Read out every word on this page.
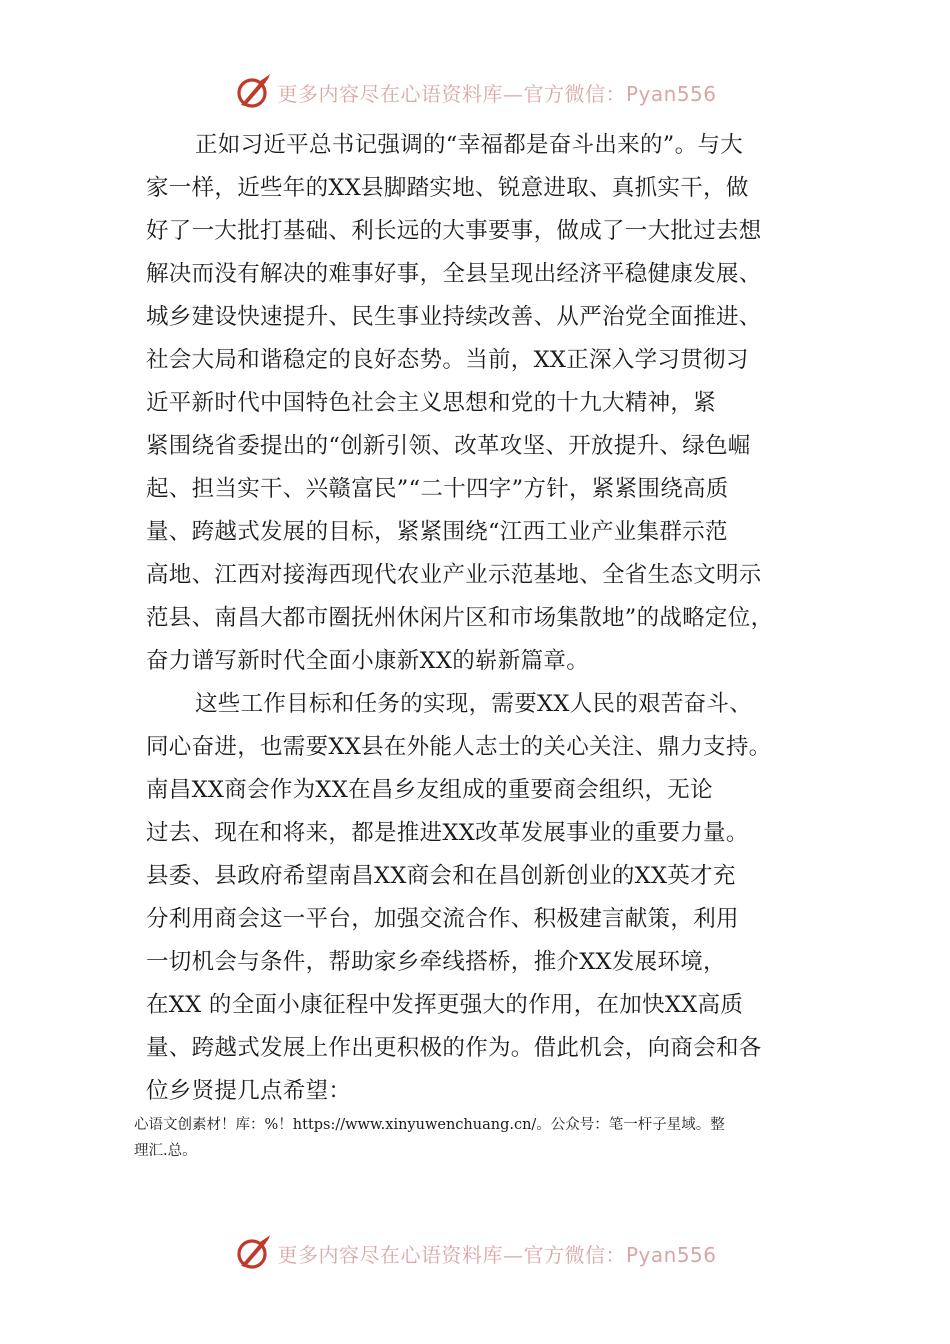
更多内容尽在心语资料库—官方微信：Pyan556
正如习近平总书记强调的“幸福都是奋斗出来的”。与大
家一样，近些年的XX县脚踏实地、锐意进取、真抓实干，做
好了一大批打基础、利长远的大事要事，做成了一大批过去想
解决而没有解决的难事好事，全县呈现出经济平稳健康发展、
城乡建设快速提升、民生事业持续改善、从严治党全面推进、
社会大局和谐稳定的良好态势。当前，XX正深入学习贯彻习
近平新时代中国特色社会主义思想和党的十九大精神，紧
紧围绕省委提出的“创新引领、改革攻坚、开放提升、绿色崛
起、担当实干、兴赣富民”“二十四字”方针，紧紧围绕高质
量、跨越式发展的目标，紧紧围绕“江西工业产业集群示范
高地、江西对接海西现代农业产业示范基地、全省生态文明示
范县、南昌大都市圈抚州休闲片区和市场集散地”的战略定位，
奋力谱写新时代全面小康新XX的崭新篇章。
这些工作目标和任务的实现，需要XX人民的艰苦奋斗、
同心奋进，也需要XX县在外能人志士的关心关注、鼎力支持。
南昌XX商会作为XX在昌乡友组成的重要商会组织，无论
过去、现在和将来，都是推进XX改革发展事业的重要力量。
县委、县政府希望南昌XX商会和在昌创新创业的XX英才充
分利用商会这一平台，加强交流合作、积极建言献策，利用
一切机会与条件，帮助家乡牵线搭桥，推介XX发展环境，
在XX 的全面小康征程中发挥更强大的作用，在加快XX高质
量、跨越式发展上作出更积极的作为。借此机会，向商会和各
位乡贤提几点希望：
心语文创素材！库：%！https://www.xinyuwenchuang.cn/。公众号：笔一杆子星域。整
理汇.总。
更多内容尽在心语资料库—官方微信：Pyan556
